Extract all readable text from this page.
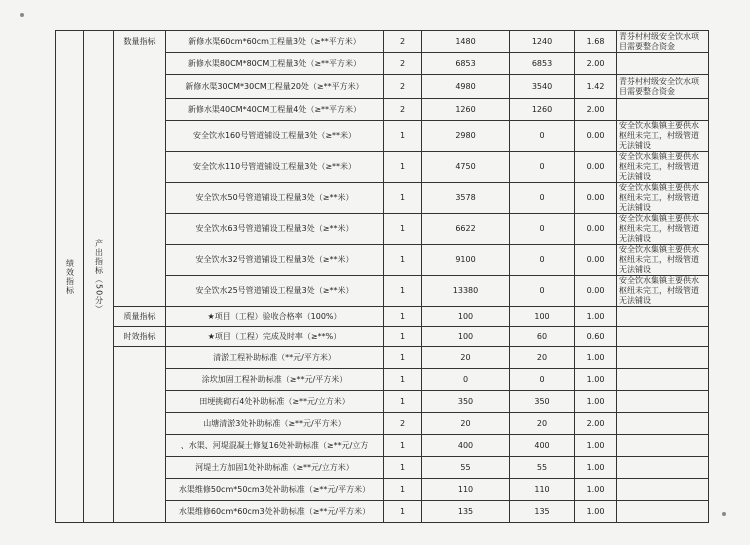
绩效指标	产出指标（50分）	数量指标	新修水渠60cm*60cm工程量3处（≥**平方米）	2	1480	1240	1.68	青芬村村级安全饮水项目需要整合资金
			新修水渠80CM*80CM工程量3处（≥**平方米）	2	6853	6853	2.00	
			新修水渠30CM*30CM工程量20处（≥**平方米）	2	4980	3540	1.42	青芬村村级安全饮水项目需要整合资金
			新修水渠40CM*40CM工程量4处（≥**平方米）	2	1260	1260	2.00	
			安全饮水160号管道铺设工程量3处（≥**米）	1	2980	0	0.00	安全饮水集镇主要供水枢纽未完工，村级管道无法铺设
			安全饮水110号管道铺设工程量3处（≥**米）	1	4750	0	0.00	安全饮水集镇主要供水枢纽未完工，村级管道无法铺设
			安全饮水50号管道铺设工程量3处（≥**米）	1	3578	0	0.00	安全饮水集镇主要供水枢纽未完工，村级管道无法铺设
			安全饮水63号管道铺设工程量3处（≥**米）	1	6622	0	0.00	安全饮水集镇主要供水枢纽未完工，村级管道无法铺设
			安全饮水32号管道铺设工程量3处（≥**米）	1	9100	0	0.00	安全饮水集镇主要供水枢纽未完工，村级管道无法铺设
			安全饮水25号管道铺设工程量3处（≥**米）	1	13380	0	0.00	安全饮水集镇主要供水枢纽未完工，村级管道无法铺设
		质量指标	★项目（工程）验收合格率（100%）	1	100	100	1.00	
		时效指标	★项目（工程）完成及时率（≥**%）	1	100	60	0.60	
			清淤工程补助标准（**元/平方米）	1	20	20	1.00	
			涂坎加固工程补助标准（≥**元/平方米）	1	0	0	1.00	
			田埂挑砌石4处补助标准（≥**元/立方米）	1	350	350	1.00	
			山塘清淤3处补助标准（≥**元/平方米）	2	20	20	2.00	
			、水渠、河堤混凝土修复16处补助标准（≥**元/立方	1	400	400	1.00	
			河堤土方加固1处补助标准（≥**元/立方米）	1	55	55	1.00	
			水渠维修50cm*50cm3处补助标准（≥**元/平方米）	1	110	110	1.00	
			水渠维修60cm*60cm3处补助标准（≥**元/平方米）	1	135	135	1.00	
